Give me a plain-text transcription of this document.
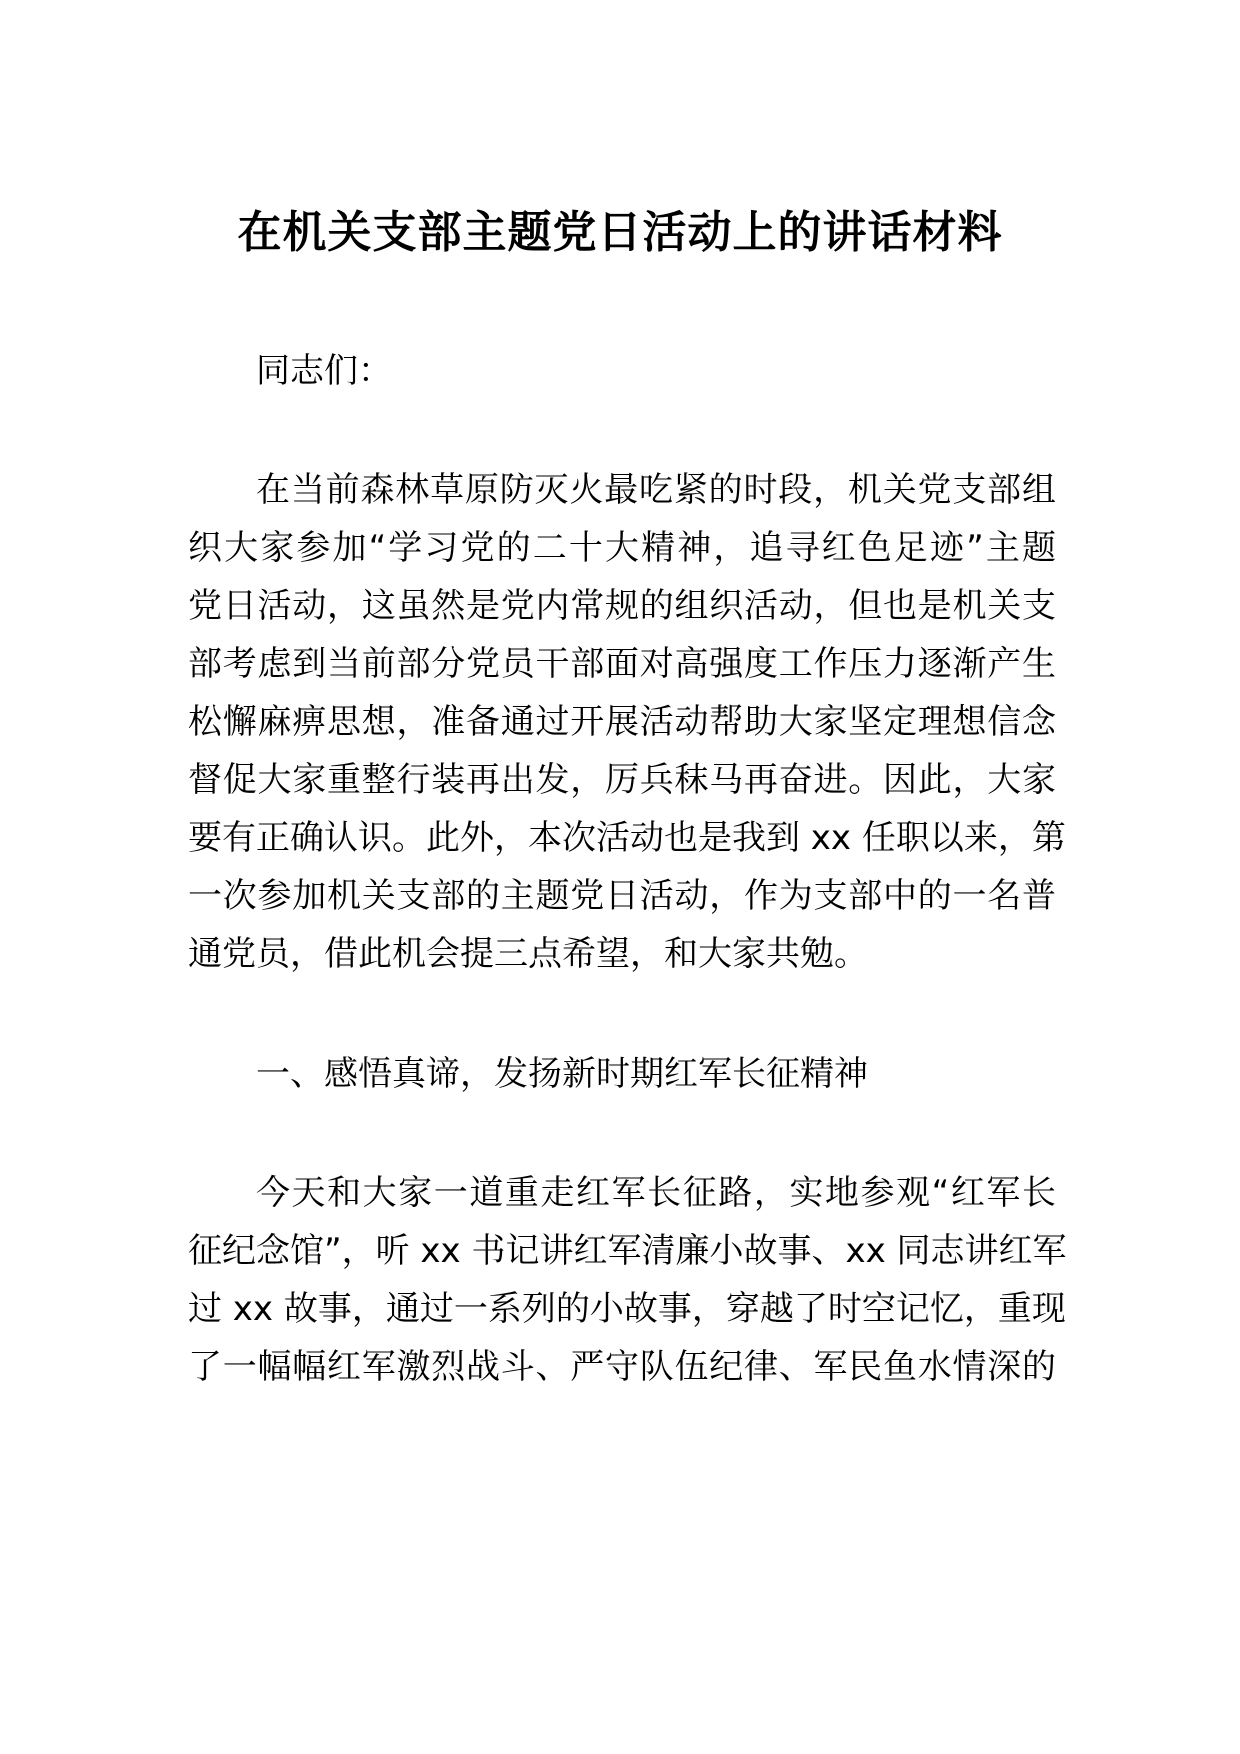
在机关支部主题党日活动上的讲话材料
同志们：
在当前森林草原防灭火最吃紧的时段，机关党支部组
织大家参加“学习党的二十大精神，追寻红色足迹”主题
党日活动，这虽然是党内常规的组织活动，但也是机关支
部考虑到当前部分党员干部面对高强度工作压力逐渐产生
松懈麻痹思想，准备通过开展活动帮助大家坚定理想信念
督促大家重整行装再出发，厉兵秣马再奋进。因此，大家
要有正确认识。此外，本次活动也是我到 xx 任职以来，第
一次参加机关支部的主题党日活动，作为支部中的一名普
通党员，借此机会提三点希望，和大家共勉。
一、感悟真谛，发扬新时期红军长征精神
今天和大家一道重走红军长征路，实地参观“红军长
征纪念馆”，听 xx 书记讲红军清廉小故事、xx 同志讲红军
过 xx 故事，通过一系列的小故事，穿越了时空记忆，重现
了一幅幅红军激烈战斗、严守队伍纪律、军民鱼水情深的
